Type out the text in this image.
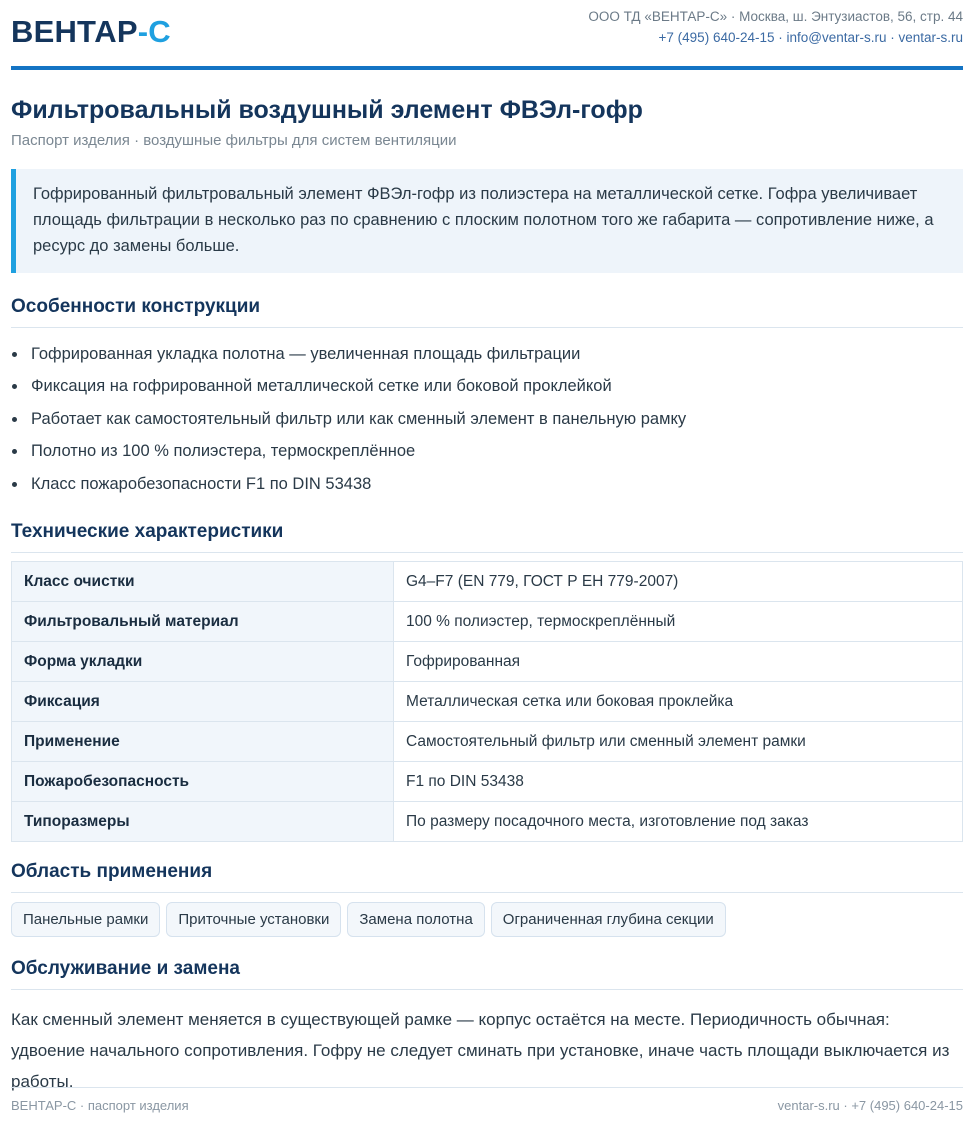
ВЕНТАР-С	ООО ТД «ВЕНТАР-С» · Москва, ш. Энтузиастов, 56, стр. 44
+7 (495) 640-24-15 · info@ventar-s.ru · ventar-s.ru
Фильтровальный воздушный элемент ФВЭл-гофр
Паспорт изделия · воздушные фильтры для систем вентиляции
Гофрированный фильтровальный элемент ФВЭл-гофр из полиэстера на металлической сетке. Гофра увеличивает площадь фильтрации в несколько раз по сравнению с плоским полотном того же габарита — сопротивление ниже, а ресурс до замены больше.
Особенности конструкции
Гофрированная укладка полотна — увеличенная площадь фильтрации
Фиксация на гофрированной металлической сетке или боковой проклейкой
Работает как самостоятельный фильтр или как сменный элемент в панельную рамку
Полотно из 100 % полиэстера, термоскреплённое
Класс пожаробезопасности F1 по DIN 53438
Технические характеристики
Класс очистки	G4–F7 (EN 779, ГОСТ Р ЕН 779-2007)
Фильтровальный материал	100 % полиэстер, термоскреплённый
Форма укладки	Гофрированная
Фиксация	Металлическая сетка или боковая проклейка
Применение	Самостоятельный фильтр или сменный элемент рамки
Пожаробезопасность	F1 по DIN 53438
Типоразмеры	По размеру посадочного места, изготовление под заказ
Область применения
Панельные рамки	Приточные установки	Замена полотна	Ограниченная глубина секции
Обслуживание и замена
Как сменный элемент меняется в существующей рамке — корпус остаётся на месте. Периодичность обычная: удвоение начального сопротивления. Гофру не следует сминать при установке, иначе часть площади выключается из работы.
ВЕНТАР-С · паспорт изделия	ventar-s.ru · +7 (495) 640-24-15
